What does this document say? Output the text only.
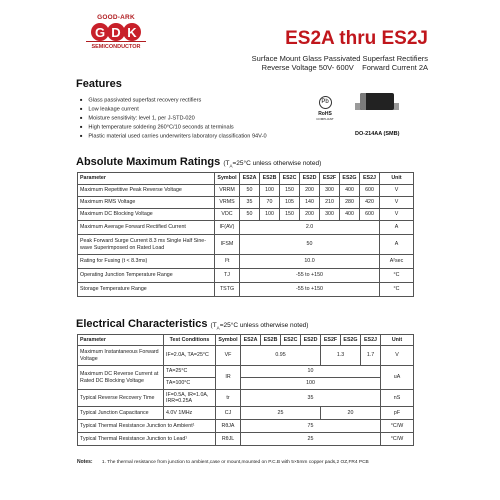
GOOD-ARK
G D K
SEMICONDUCTOR	ES2A thru ES2J
Surface Mount Glass Passivated Superfast Rectifiers
Reverse Voltage 50V- 600V    Forward Current 2A
Features
■ Glass passivated superfast recovery rectifiers
■ Low leakage current
■ Moisture sensitivity: level 1, per J-STD-020
■ High temperature soldering 260°C/10 seconds at terminals
■ Plastic material used carries underwriters laboratory classification 94V-0
Pb
RoHS
COMPLIANT
DO-214AA (SMB)
Absolute Maximum Ratings ($T_A=25^\circ C$ unless otherwise noted)
Parameter	Symbol	ES2A	ES2B	ES2C	ES2D	ES2F	ES2G	ES2J	Unit
Maximum Repetitive Peak Reverse Voltage	VRRM	50	100	150	200	300	400	600	V
Maximum RMS Voltage	VRMS	35	70	105	140	210	280	420	V
Maximum DC Blocking Voltage	VDC	50	100	150	200	300	400	600	V
Maximum Average Forward Rectified Current	IF(AV)	2.0							A
Peak Forward Surge Current 8.3 ms Single Half Sine-wave Superimposed on Rated Load	IFSM	50							A
Rating for Fusing (t < 8.3ms)	I²t	10.0							A²sec
Operating Junction Temperature Range	TJ	-55 to +150							°C
Storage Temperature Range	TSTG	-55 to +150							°C
Electrical Characteristics ($T_A=25^\circ C$ unless otherwise noted)
Parameter	Test Conditions	Symbol	ES2A	ES2B	ES2C	ES2D	ES2F	ES2G	ES2J	Unit
Maximum Instantaneous Forward Voltage	IF=2.0A, TA=25°C	VF	0.95				1.3		1.7	V
Maximum DC Reverse Current at Rated DC Blocking Voltage	TA=25°C	IR	10							uA
	TA=100°C		100							
Typical Reverse Recovery Time	IF=0.5A, IR=1.0A, IRR=0.25A	tr	35							nS
Typical Junction Capacitance	4.0V 1MHz	CJ	25				20			pF
Typical Thermal Resistance Junction to Ambient¹		RθJA	75							°C/W
Typical Thermal Resistance Junction to Lead¹		RθJL	25							°C/W
Notes: 1. The thermal resistance from junction to ambient,case or mount,mounted on P.C.B with 5×5mm copper pads,2 OZ,FR4 PCB
